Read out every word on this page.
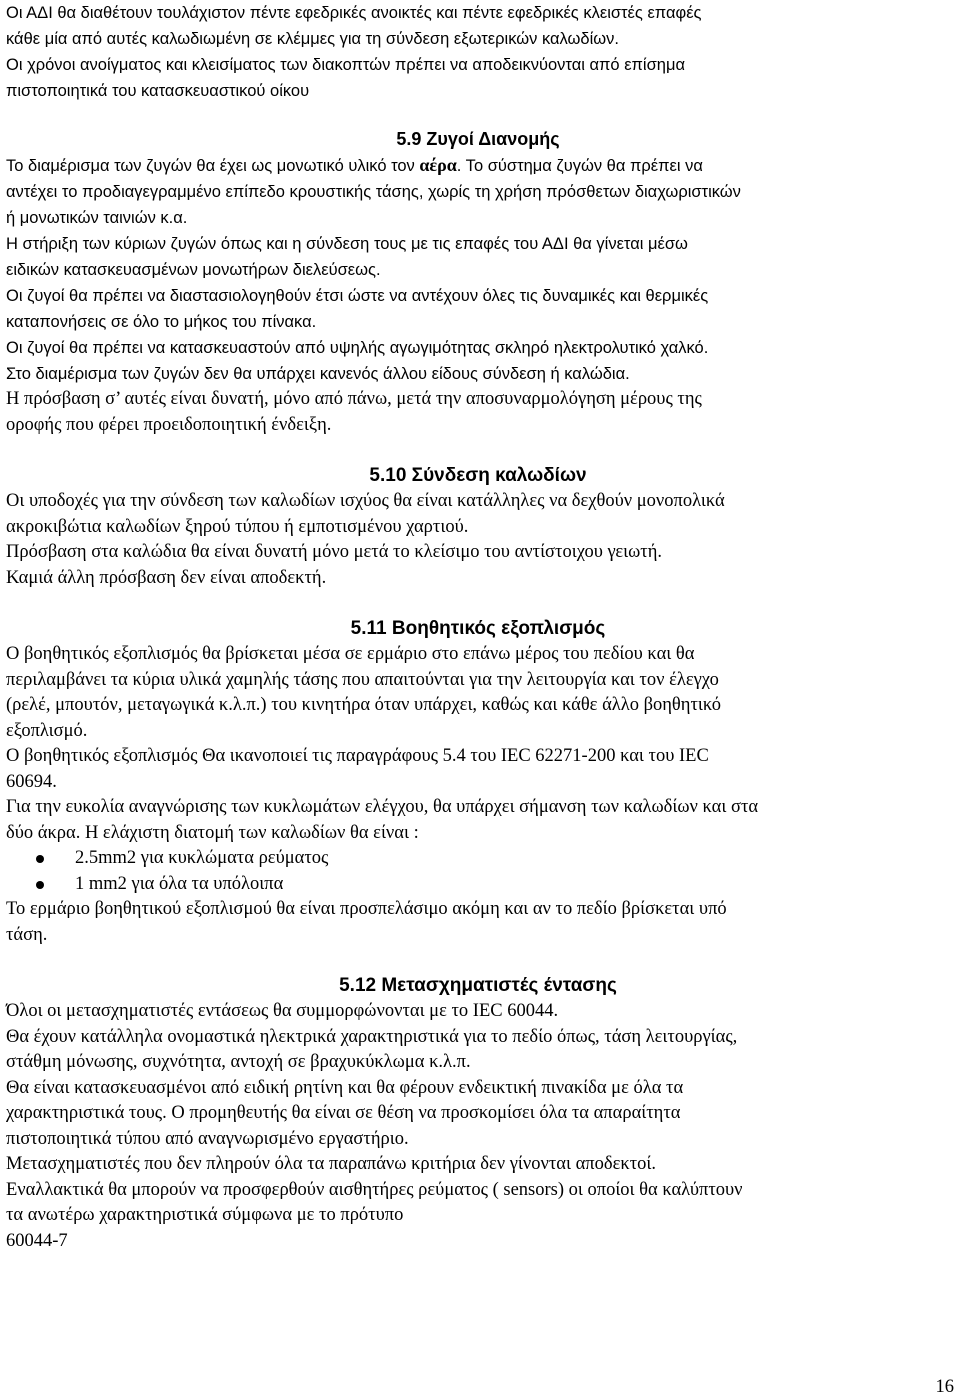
Οι ΑΔΙ θα διαθέτουν τουλάχιστον πέντε εφεδρικές ανοικτές και πέντε εφεδρικές κλειστές επαφές

κάθε μία από αυτές καλωδιωμένη σε κλέμμες για τη σύνδεση εξωτερικών καλωδίων.

Οι χρόνοι ανοίγματος και κλεισίματος των διακοπτών πρέπει να αποδεικνύονται από επίσημα

πιστοποιητικά του κατασκευαστικού οίκου

5.9 Ζυγοί Διανομής

Το διαμέρισμα των ζυγών θα έχει ως μονωτικό υλικό τον αέρα. Το σύστημα ζυγών θα πρέπει να

αντέχει το προδιαγεγραμμένο επίπεδο κρουστικής τάσης, χωρίς τη χρήση πρόσθετων διαχωριστικών

ή μονωτικών ταινιών κ.α.

Η στήριξη των κύριων ζυγών όπως και η σύνδεση τους με τις επαφές του ΑΔΙ θα γίνεται μέσω

ειδικών κατασκευασμένων μονωτήρων διελεύσεως.

Οι ζυγοί θα πρέπει να διαστασιολογηθούν έτσι ώστε να αντέχουν όλες τις δυναμικές και θερμικές

καταπονήσεις σε όλο το μήκος του πίνακα.

Οι ζυγοί θα πρέπει να κατασκευαστούν από υψηλής αγωγιμότητας σκληρό ηλεκτρολυτικό χαλκό.

Στο διαμέρισμα των ζυγών δεν θα υπάρχει κανενός άλλου είδους σύνδεση ή καλώδια.

Η πρόσβαση σ’ αυτές είναι δυνατή, μόνο από πάνω, μετά την αποσυναρμολόγηση μέρους της

οροφής που φέρει προειδοποιητική ένδειξη.

5.10 Σύνδεση καλωδίων

Οι υποδοχές για την σύνδεση των καλωδίων ισχύος θα είναι κατάλληλες να δεχθούν μονοπολικά

ακροκιβώτια καλωδίων ξηρού τύπου ή εμποτισμένου χαρτιού.

Πρόσβαση στα καλώδια θα είναι δυνατή μόνο μετά το κλείσιμο του αντίστοιχου γειωτή.

Καμιά άλλη πρόσβαση δεν είναι αποδεκτή.

5.11 Βοηθητικός εξοπλισμός

Ο βοηθητικός εξοπλισμός θα βρίσκεται μέσα σε ερμάριο στο επάνω μέρος του πεδίου και θα

περιλαμβάνει τα κύρια υλικά χαμηλής τάσης που απαιτούνται για την λειτουργία και τον έλεγχο

(ρελέ, μπουτόν, μεταγωγικά κ.λ.π.) του κινητήρα όταν υπάρχει, καθώς και κάθε άλλο βοηθητικό

εξοπλισμό.

Ο βοηθητικός εξοπλισμός Θα ικανοποιεί τις παραγράφους 5.4 του IEC 62271-200 και του IEC

60694.

Για την ευκολία αναγνώρισης των κυκλωμάτων ελέγχου, θα υπάρχει σήμανση των καλωδίων και στα

δύο άκρα. Η ελάχιστη διατομή των καλωδίων θα είναι :

2.5mm2 για κυκλώματα ρεύματος
1 mm2 για όλα τα υπόλοιπα

Το ερμάριο βοηθητικού εξοπλισμού θα είναι προσπελάσιμο ακόμη και αν το πεδίο βρίσκεται υπό

τάση.

5.12 Μετασχηματιστές έντασης

Όλοι οι μετασχηματιστές εντάσεως θα συμμορφώνονται με το IEC 60044.

Θα έχουν κατάλληλα ονομαστικά ηλεκτρικά χαρακτηριστικά για το πεδίο όπως, τάση λειτουργίας,

στάθμη μόνωσης, συχνότητα, αντοχή σε βραχυκύκλωμα κ.λ.π.

Θα είναι κατασκευασμένοι από ειδική ρητίνη και θα φέρουν ενδεικτική πινακίδα με όλα τα

χαρακτηριστικά τους. Ο προμηθευτής θα είναι σε θέση να προσκομίσει όλα τα απαραίτητα

πιστοποιητικά τύπου από αναγνωρισμένο εργαστήριο.

Μετασχηματιστές που δεν πληρούν όλα τα παραπάνω κριτήρια δεν γίνονται αποδεκτοί.

Εναλλακτικά θα μπορούν να προσφερθούν αισθητήρες ρεύματος ( sensors) οι οποίοι θα καλύπτουν

τα ανωτέρω χαρακτηριστικά σύμφωνα με το πρότυπο

60044-7

16
